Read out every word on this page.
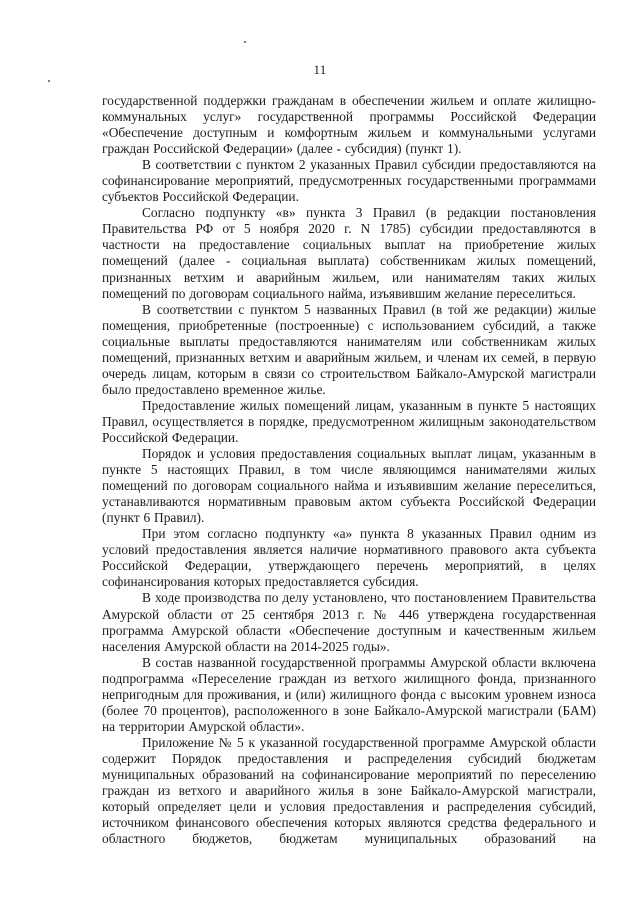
11

государственной поддержки гражданам в обеспечении жильем и оплате жилищно-коммунальных услуг» государственной программы Российской Федерации «Обеспечение доступным и комфортным жильем и коммунальными услугами граждан Российской Федерации» (далее - субсидия) (пункт 1).

В соответствии с пунктом 2 указанных Правил субсидии предоставляются на софинансирование мероприятий, предусмотренных государственными программами субъектов Российской Федерации.

Согласно подпункту «в» пункта 3 Правил (в редакции постановления Правительства РФ от 5 ноября 2020 г. N 1785) субсидии предоставляются в частности на предоставление социальных выплат на приобретение жилых помещений (далее - социальная выплата) собственникам жилых помещений, признанных ветхим и аварийным жильем, или нанимателям таких жилых помещений по договорам социального найма, изъявившим желание переселиться.

В соответствии с пунктом 5 названных Правил (в той же редакции) жилые помещения, приобретенные (построенные) с использованием субсидий, а также социальные выплаты предоставляются нанимателям или собственникам жилых помещений, признанных ветхим и аварийным жильем, и членам их семей, в первую очередь лицам, которым в связи со строительством Байкало-Амурской магистрали было предоставлено временное жилье.

Предоставление жилых помещений лицам, указанным в пункте 5 настоящих Правил, осуществляется в порядке, предусмотренном жилищным законодательством Российской Федерации.

Порядок и условия предоставления социальных выплат лицам, указанным в пункте 5 настоящих Правил, в том числе являющимся нанимателями жилых помещений по договорам социального найма и изъявившим желание переселиться, устанавливаются нормативным правовым актом субъекта Российской Федерации (пункт 6 Правил).

При этом согласно подпункту «а» пункта 8 указанных Правил одним из условий предоставления является наличие нормативного правового акта субъекта Российской Федерации, утверждающего перечень мероприятий, в целях софинансирования которых предоставляется субсидия.

В ходе производства по делу установлено, что постановлением Правительства Амурской области от 25 сентября 2013 г. № 446 утверждена государственная программа Амурской области «Обеспечение доступным и качественным жильем населения Амурской области на 2014-2025 годы».

В состав названной государственной программы Амурской области включена подпрограмма «Переселение граждан из ветхого жилищного фонда, признанного непригодным для проживания, и (или) жилищного фонда с высоким уровнем износа (более 70 процентов), расположенного в зоне Байкало-Амурской магистрали (БАМ) на территории Амурской области».

Приложение № 5 к указанной государственной программе Амурской области содержит Порядок предоставления и распределения субсидий бюджетам муниципальных образований на софинансирование мероприятий по переселению граждан из ветхого и аварийного жилья в зоне Байкало-Амурской магистрали, который определяет цели и условия предоставления и распределения субсидий, источником финансового обеспечения которых являются средства федерального и областного бюджетов, бюджетам муниципальных образований на
